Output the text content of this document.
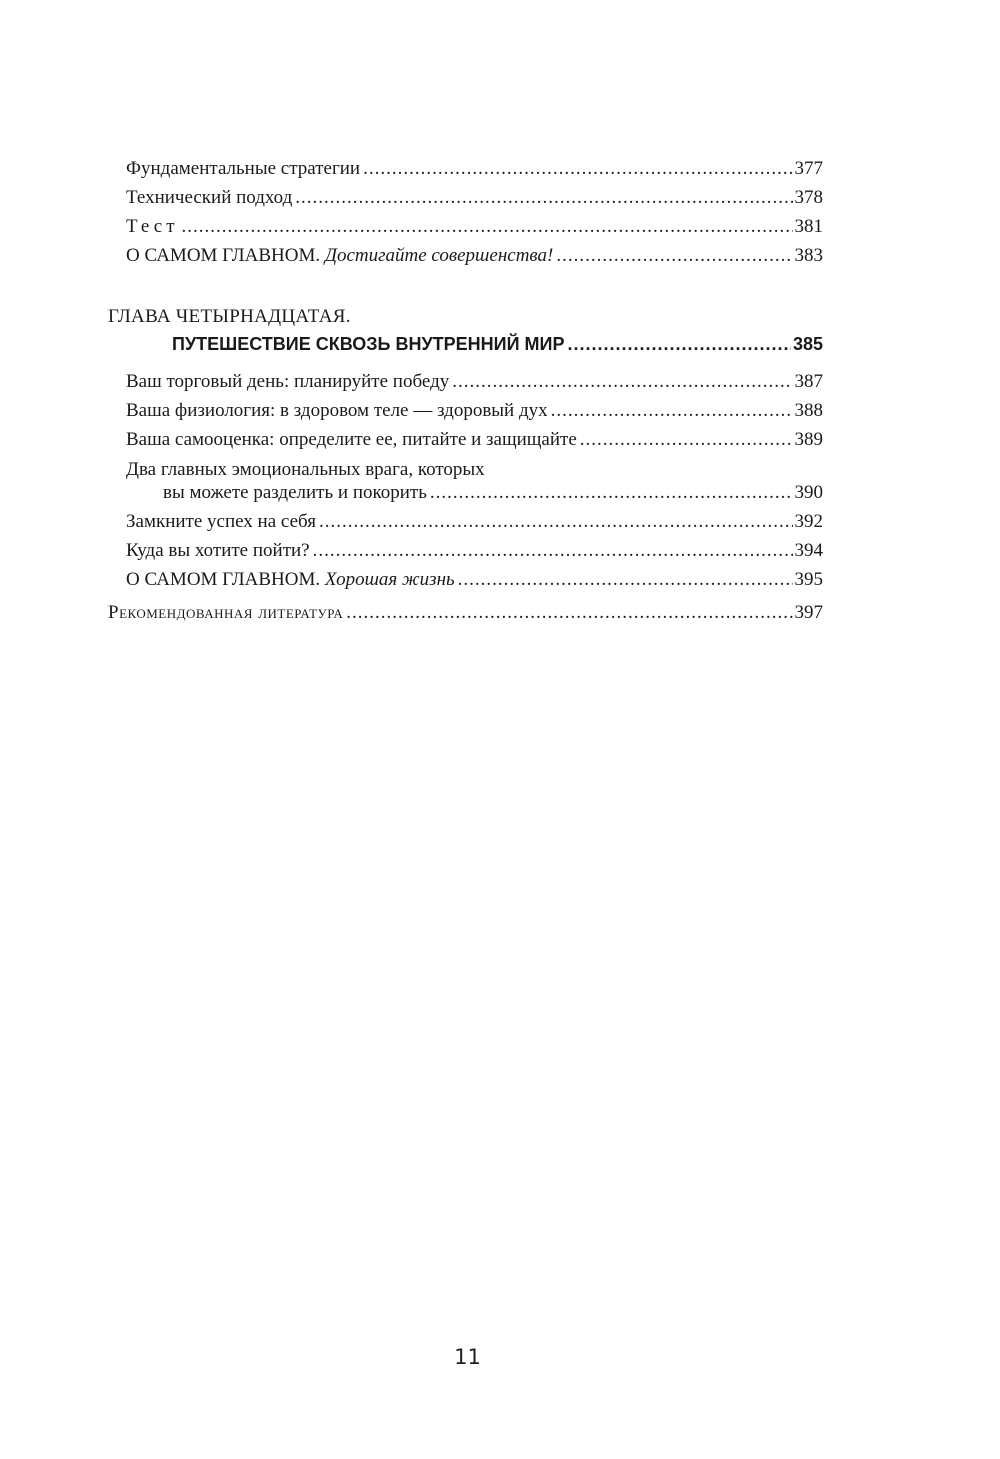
Фундаментальные стратегии .....	377
Технический подход .....	378
Тест .....	381
О САМОМ ГЛАВНОМ. Достигайте совершенства! .....	383
ГЛАВА ЧЕТЫРНАДЦАТАЯ.
ПУТЕШЕСТВИЕ СКВОЗЬ ВНУТРЕННИЙ МИР .....	385
Ваш торговый день: планируйте победу .....	387
Ваша физиология: в здоровом теле — здоровый дух .....	388
Ваша самооценка: определите ее, питайте и защищайте .....	389
Два главных эмоциональных врага, которых
вы можете разделить и покорить .....	390
Замкните успех на себя .....	392
Куда вы хотите пойти? .....	394
О САМОМ ГЛАВНОМ. Хорошая жизнь .....	395
Рекомендованная литература .....	397
11
